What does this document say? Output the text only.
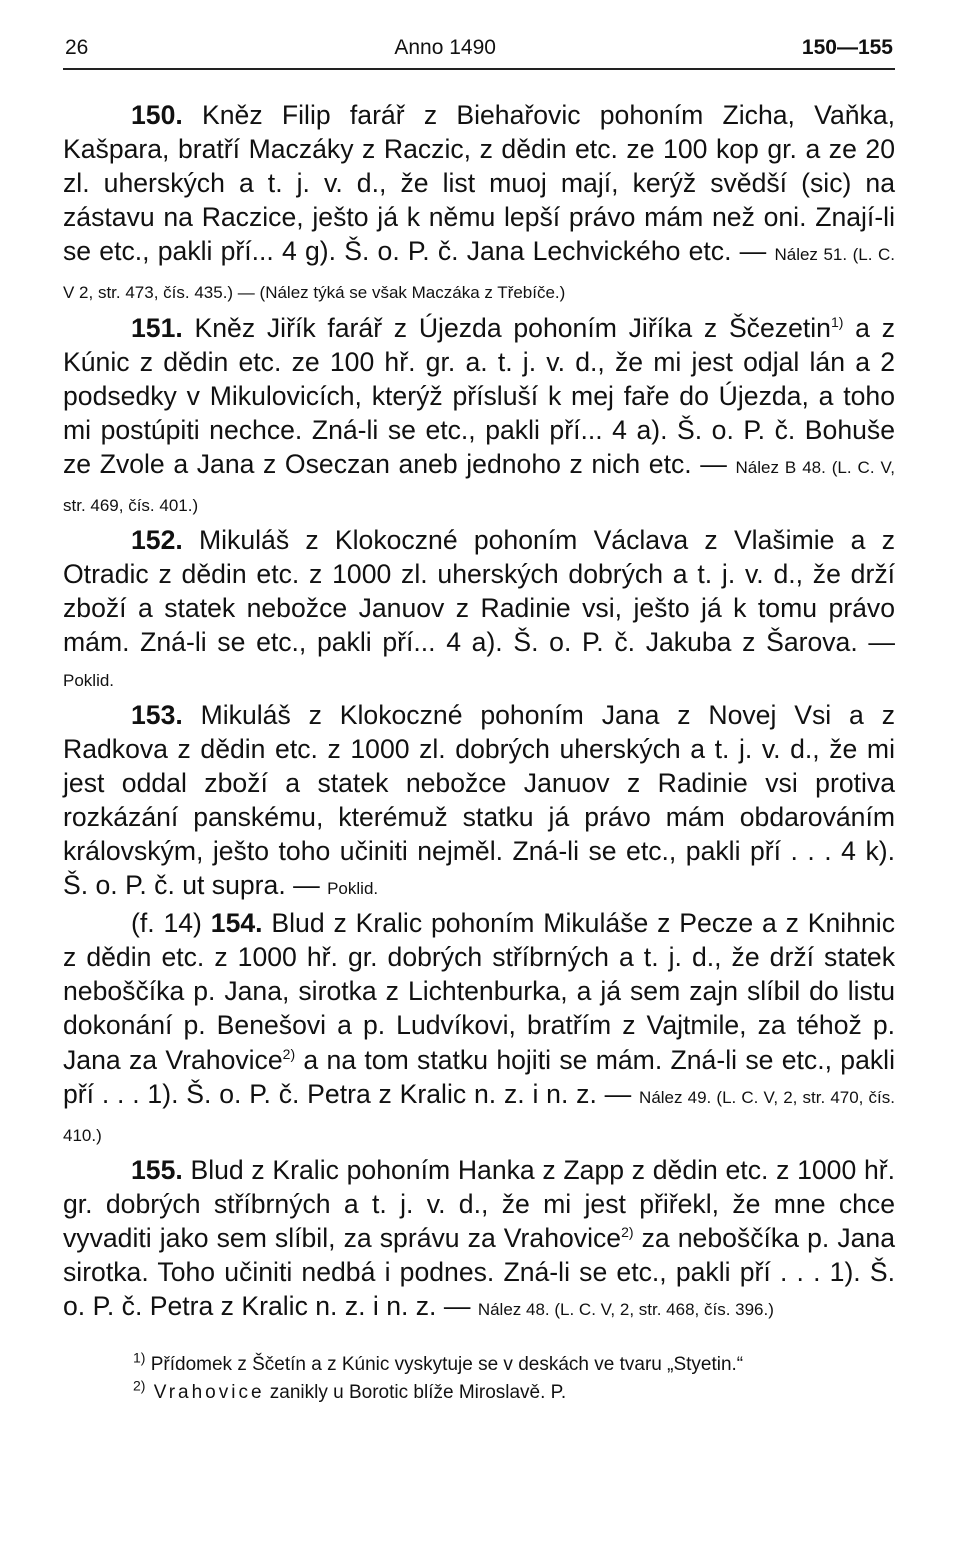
26	Anno 1490	150—155

150. Kněz Filip farář z Biehařovic pohoním Zicha, Vaňka, Kašpara, bratří Maczáky z Raczic, z dědin etc. ze 100 kop gr. a ze 20 zl. uherských a t. j. v. d., že list muoj mají, kerýž svědší (sic) na zástavu na Raczice, ješto já k němu lepší právo mám než oni. Znají-li se etc., pakli pří... 4 g). Š. o. P. č. Jana Lechvického etc. — Nález 51. (L. C. V 2, str. 473, čís. 435.) — (Nález týká se však Maczáka z Třebíče.)

151. Kněz Jiřík farář z Újezda pohoním Jiříka z Ščezetin$^{1)}$ a z Kúnic z dědin etc. ze 100 hř. gr. a. t. j. v. d., že mi jest odjal lán a 2 podsedky v Mikulovicích, kterýž přísluší k mej faře do Újezda, a toho mi postúpiti nechce. Zná-li se etc., pakli pří... 4 a). Š. o. P. č. Bohuše ze Zvole a Jana z Oseczan aneb jednoho z nich etc. — Nález B 48. (L. C. V, str. 469, čís. 401.)

152. Mikuláš z Klokoczné pohoním Václava z Vlašimie a z Otradic z dědin etc. z 1000 zl. uherských dobrých a t. j. v. d., že drží zboží a statek nebožce Januov z Radinie vsi, ješto já k tomu právo mám. Zná-li se etc., pakli pří... 4 a). Š. o. P. č. Jakuba z Šarova. — Poklid.

153. Mikuláš z Klokoczné pohoním Jana z Novej Vsi a z Radkova z dědin etc. z 1000 zl. dobrých uherských a t. j. v. d., že mi jest oddal zboží a statek nebožce Januov z Radinie vsi protiva rozkázání panskému, kterémuž statku já právo mám obdarováním královským, ješto toho učiniti nejměl. Zná-li se etc., pakli pří . . . 4 k). Š. o. P. č. ut supra. — Poklid.

(f. 14) 154. Blud z Kralic pohoním Mikuláše z Pecze a z Knihnic z dědin etc. z 1000 hř. gr. dobrých stříbrných a t. j. d., že drží statek neboščíka p. Jana, sirotka z Lichtenburka, a já sem zajn slíbil do listu dokonání p. Benešovi a p. Ludvíkovi, bratřím z Vajtmile, za téhož p. Jana za Vrahovice$^{2)}$ a na tom statku hojiti se mám. Zná-li se etc., pakli pří . . . 1). Š. o. P. č. Petra z Kralic n. z. i n. z. — Nález 49. (L. C. V, 2, str. 470, čís. 410.)

155. Blud z Kralic pohoním Hanka z Zapp z dědin etc. z 1000 hř. gr. dobrých stříbrných a t. j. v. d., že mi jest přiřekl, že mne chce vyvaditi jako sem slíbil, za správu za Vrahovice$^{2)}$ za neboščíka p. Jana sirotka. Toho učiniti nedbá i podnes. Zná-li se etc., pakli pří . . . 1). Š. o. P. č. Petra z Kralic n. z. i n. z. — Nález 48. (L. C. V, 2, str. 468, čís. 396.)

$^{1)}$ Přídomek z Ščetín a z Kúnic vyskytuje se v deskách ve tvaru „Styetin.“
$^{2)}$ Vrahovice zanikly u Borotic blíže Miroslavě. P.
